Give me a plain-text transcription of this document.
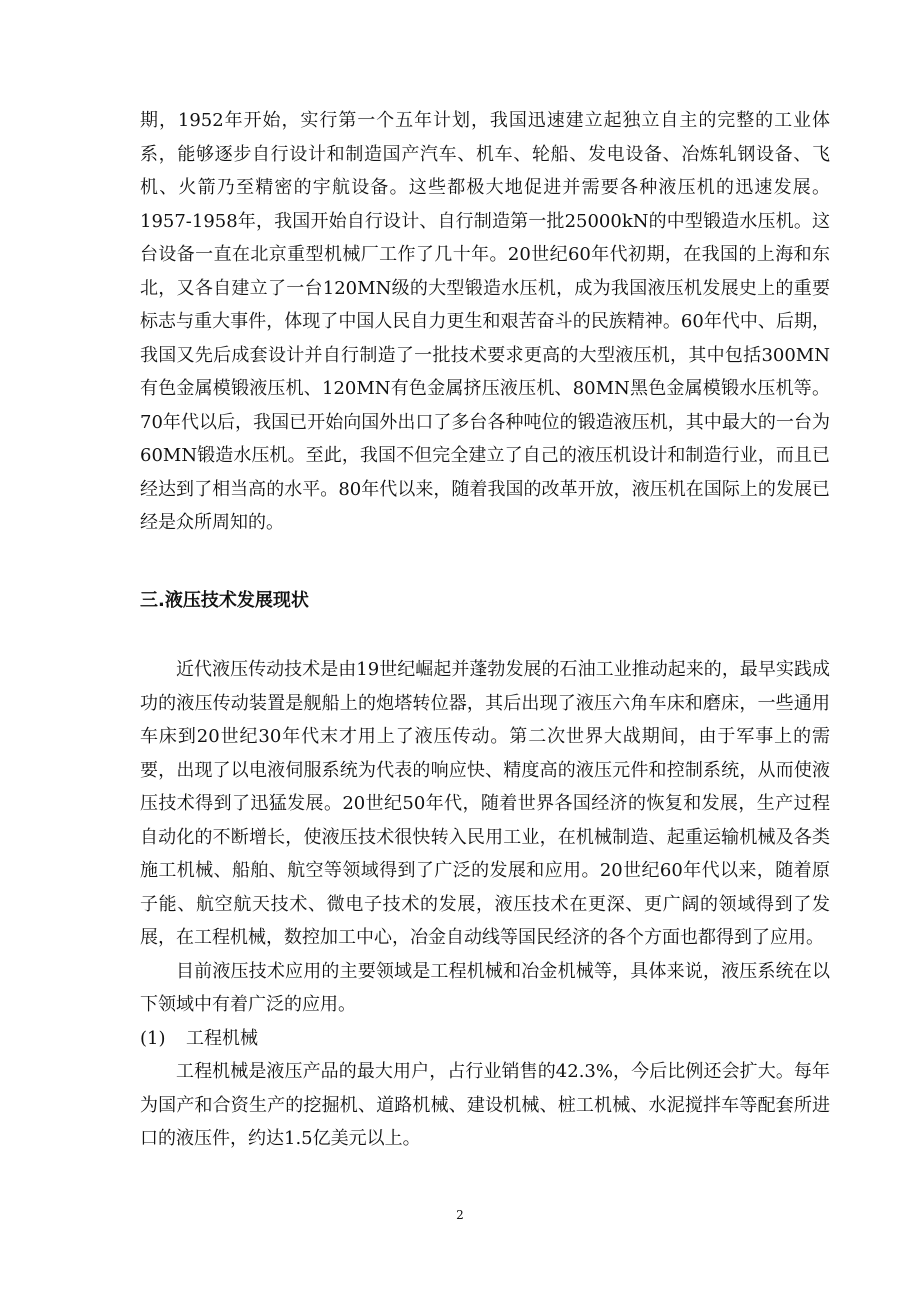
期，1952年开始，实行第一个五年计划，我国迅速建立起独立自主的完整的工业体系，能够逐步自行设计和制造国产汽车、机车、轮船、发电设备、冶炼轧钢设备、飞机、火箭乃至精密的宇航设备。这些都极大地促进并需要各种液压机的迅速发展。1957-1958年，我国开始自行设计、自行制造第一批25000kN的中型锻造水压机。这台设备一直在北京重型机械厂工作了几十年。20世纪60年代初期，在我国的上海和东北，又各自建立了一台120MN级的大型锻造水压机，成为我国液压机发展史上的重要标志与重大事件，体现了中国人民自力更生和艰苦奋斗的民族精神。60年代中、后期，我国又先后成套设计并自行制造了一批技术要求更高的大型液压机，其中包括300MN有色金属模锻液压机、120MN有色金属挤压液压机、80MN黑色金属模锻水压机等。70年代以后，我国已开始向国外出口了多台各种吨位的锻造液压机，其中最大的一台为60MN锻造水压机。至此，我国不但完全建立了自己的液压机设计和制造行业，而且已经达到了相当高的水平。80年代以来，随着我国的改革开放，液压机在国际上的发展已经是众所周知的。

三.液压技术发展现状

近代液压传动技术是由19世纪崛起并蓬勃发展的石油工业推动起来的，最早实践成功的液压传动装置是舰船上的炮塔转位器，其后出现了液压六角车床和磨床，一些通用车床到20世纪30年代末才用上了液压传动。第二次世界大战期间，由于军事上的需要，出现了以电液伺服系统为代表的响应快、精度高的液压元件和控制系统，从而使液压技术得到了迅猛发展。20世纪50年代，随着世界各国经济的恢复和发展，生产过程自动化的不断增长，使液压技术很快转入民用工业，在机械制造、起重运输机械及各类施工机械、船舶、航空等领域得到了广泛的发展和应用。20世纪60年代以来，随着原子能、航空航天技术、微电子技术的发展，液压技术在更深、更广阔的领域得到了发展，在工程机械，数控加工中心，冶金自动线等国民经济的各个方面也都得到了应用。

目前液压技术应用的主要领域是工程机械和冶金机械等，具体来说，液压系统在以下领域中有着广泛的应用。

(1) 工程机械

工程机械是液压产品的最大用户，占行业销售的42.3%，今后比例还会扩大。每年为国产和合资生产的挖掘机、道路机械、建设机械、桩工机械、水泥搅拌车等配套所进口的液压件，约达1.5亿美元以上。

2
